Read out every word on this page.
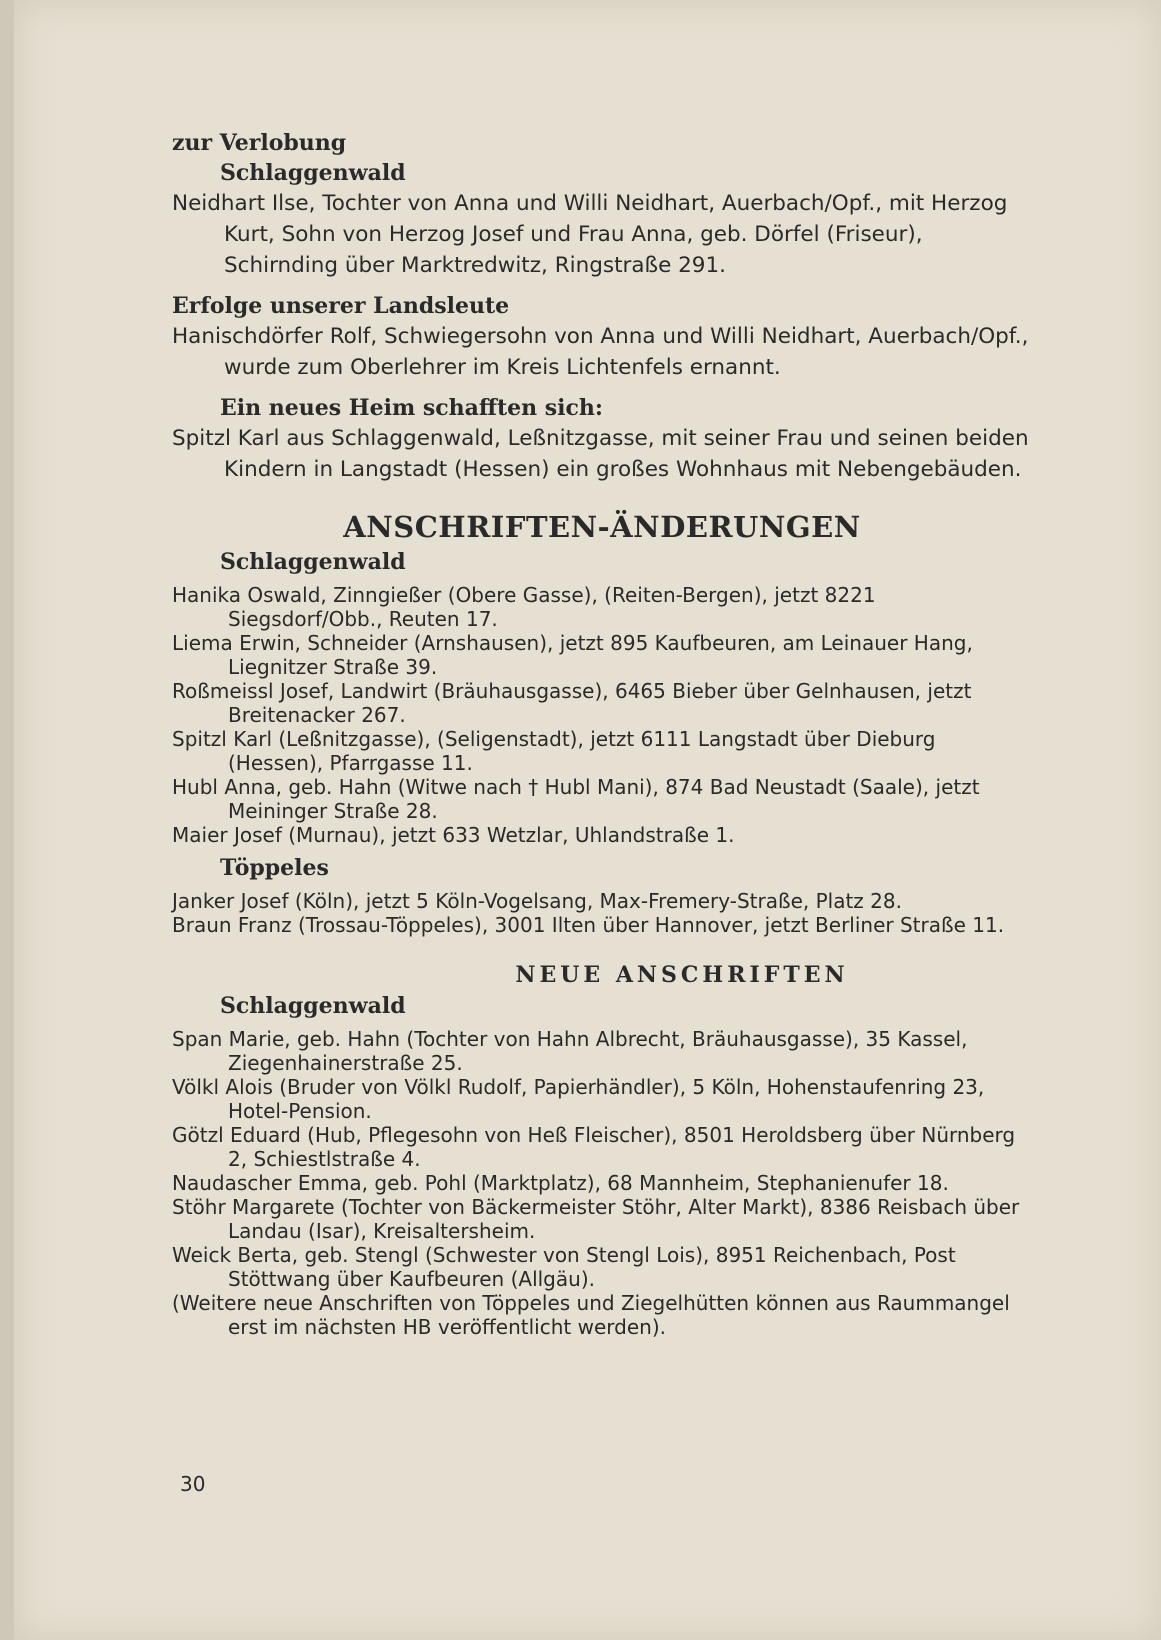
zur Verlobung

Schlaggenwald

Neidhart Ilse, Tochter von Anna und Willi Neidhart, Auerbach/Opf., mit Herzog Kurt, Sohn von Herzog Josef und Frau Anna, geb. Dörfel (Friseur), Schirnding über Marktredwitz, Ringstraße 291.

Erfolge unserer Landsleute

Hanischdörfer Rolf, Schwiegersohn von Anna und Willi Neidhart, Auerbach/Opf., wurde zum Oberlehrer im Kreis Lichtenfels ernannt.

Ein neues Heim schafften sich:

Spitzl Karl aus Schlaggenwald, Leßnitzgasse, mit seiner Frau und seinen beiden Kindern in Langstadt (Hessen) ein großes Wohnhaus mit Nebengebäuden.

ANSCHRIFTEN-ÄNDERUNGEN

Schlaggenwald

Hanika Oswald, Zinngießer (Obere Gasse), (Reiten-Bergen), jetzt 8221 Siegsdorf/Obb., Reuten 17.

Liema Erwin, Schneider (Arnshausen), jetzt 895 Kaufbeuren, am Leinauer Hang, Liegnitzer Straße 39.

Roßmeissl Josef, Landwirt (Bräuhausgasse), 6465 Bieber über Gelnhausen, jetzt Breitenacker 267.

Spitzl Karl (Leßnitzgasse), (Seligenstadt), jetzt 6111 Langstadt über Dieburg (Hessen), Pfarrgasse 11.

Hubl Anna, geb. Hahn (Witwe nach † Hubl Mani), 874 Bad Neustadt (Saale), jetzt Meininger Straße 28.

Maier Josef (Murnau), jetzt 633 Wetzlar, Uhlandstraße 1.

Töppeles

Janker Josef (Köln), jetzt 5 Köln-Vogelsang, Max-Fremery-Straße, Platz 28.

Braun Franz (Trossau-Töppeles), 3001 Ilten über Hannover, jetzt Berliner Straße 11.

NEUE ANSCHRIFTEN

Schlaggenwald

Span Marie, geb. Hahn (Tochter von Hahn Albrecht, Bräuhausgasse), 35 Kassel, Ziegenhainerstraße 25.

Völkl Alois (Bruder von Völkl Rudolf, Papierhändler), 5 Köln, Hohenstaufenring 23, Hotel-Pension.

Götzl Eduard (Hub, Pflegesohn von Heß Fleischer), 8501 Heroldsberg über Nürnberg 2, Schiestlstraße 4.

Naudascher Emma, geb. Pohl (Marktplatz), 68 Mannheim, Stephanienufer 18.

Stöhr Margarete (Tochter von Bäckermeister Stöhr, Alter Markt), 8386 Reisbach über Landau (Isar), Kreisaltersheim.

Weick Berta, geb. Stengl (Schwester von Stengl Lois), 8951 Reichenbach, Post Stöttwang über Kaufbeuren (Allgäu).

(Weitere neue Anschriften von Töppeles und Ziegelhütten können aus Raummangel erst im nächsten HB veröffentlicht werden).

30
